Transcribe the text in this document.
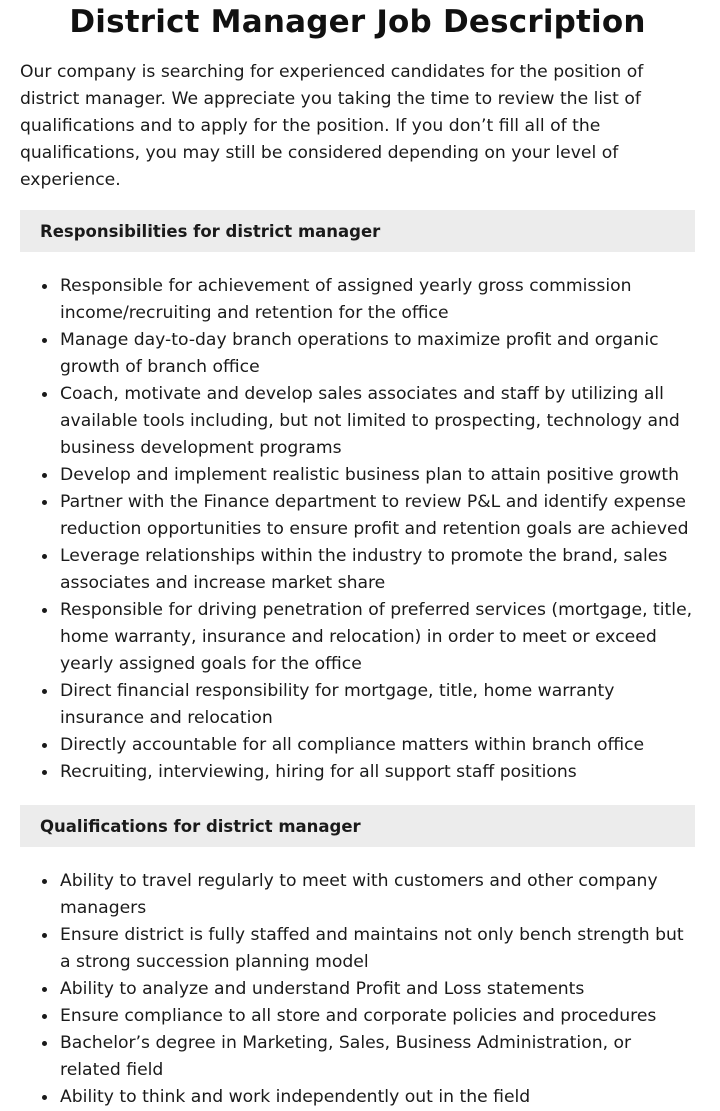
District Manager Job Description

Our company is searching for experienced candidates for the position of district manager. We appreciate you taking the time to review the list of qualifications and to apply for the position. If you don’t fill all of the qualifications, you may still be considered depending on your level of experience.

Responsibilities for district manager
Responsible for achievement of assigned yearly gross commission income/recruiting and retention for the office
Manage day-to-day branch operations to maximize profit and organic growth of branch office
Coach, motivate and develop sales associates and staff by utilizing all available tools including, but not limited to prospecting, technology and business development programs
Develop and implement realistic business plan to attain positive growth
Partner with the Finance department to review P&L and identify expense reduction opportunities to ensure profit and retention goals are achieved
Leverage relationships within the industry to promote the brand, sales associates and increase market share
Responsible for driving penetration of preferred services (mortgage, title, home warranty, insurance and relocation) in order to meet or exceed yearly assigned goals for the office
Direct financial responsibility for mortgage, title, home warranty insurance and relocation
Directly accountable for all compliance matters within branch office
Recruiting, interviewing, hiring for all support staff positions
Qualifications for district manager
Ability to travel regularly to meet with customers and other company managers
Ensure district is fully staffed and maintains not only bench strength but a strong succession planning model
Ability to analyze and understand Profit and Loss statements
Ensure compliance to all store and corporate policies and procedures
Bachelor’s degree in Marketing, Sales, Business Administration, or related field
Ability to think and work independently out in the field
